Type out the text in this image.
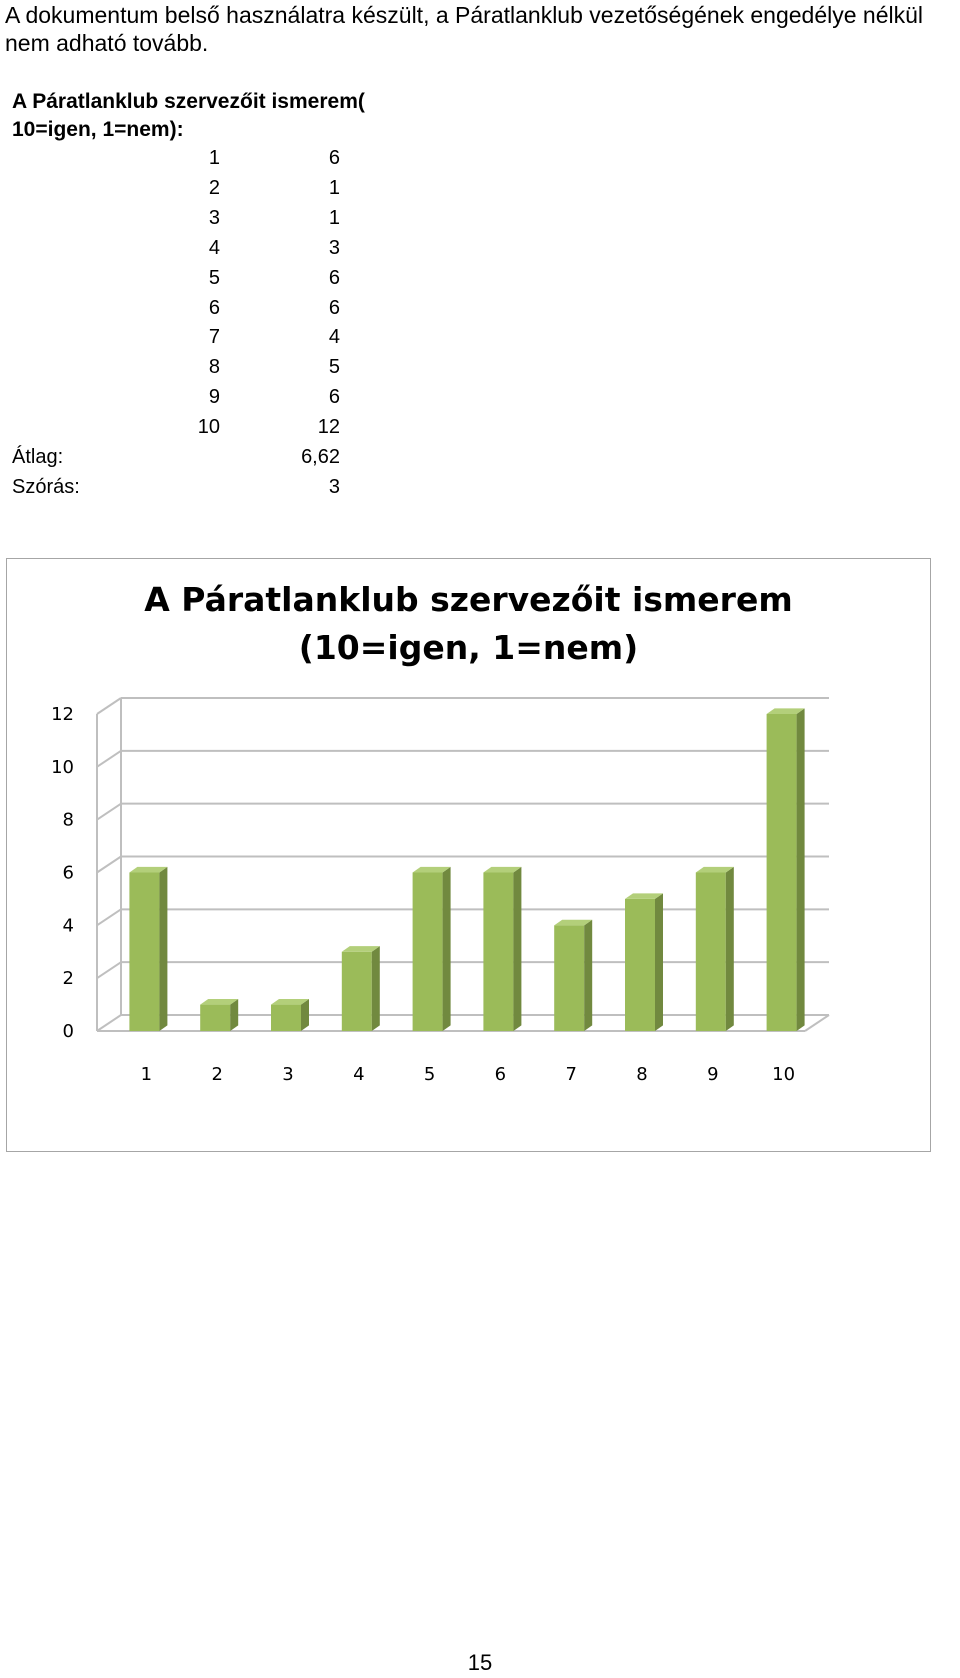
A dokumentum belső használatra készült, a Páratlanklub vezetőségének engedélye nélkül nem adható tovább.
A Páratlanklub szervezőit ismerem( 10=igen, 1=nem):
	1	6
	2	1
	3	1
	4	3
	5	6
	6	6
	7	4
	8	5
	9	6
	10	12
Átlag:		6,62
Szórás:		3
A Páratlanklub szervezőit ismerem
(10=igen, 1=nem)
0
2
4
6
8
10
12
1	2	3	4	5	6	7	8	9	10
15
